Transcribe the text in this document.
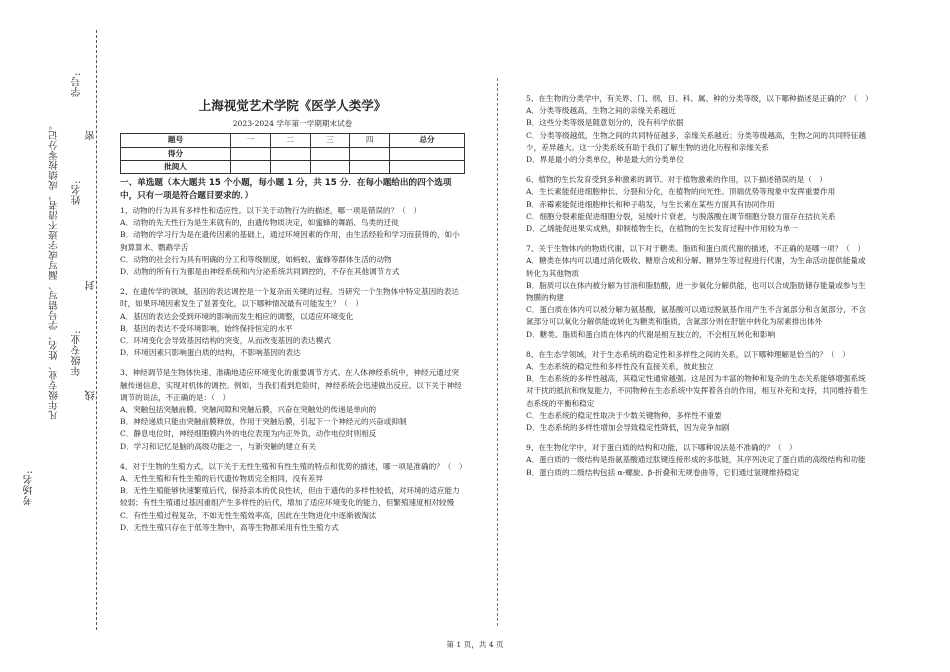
学号:
姓名:
凡年级专业、姓名、学号错写、漏写或字迹不清者，成绩按零分记。 年级专业:
考场名:
密
封
线
上海视觉艺术学院《医学人类学》
2023-2024 学年第一学期期末试卷
题号	一	二	三	四	总分
得分					
批阅人					
一、单选题（本大题共 15 个小题，每小题 1 分，共 15 分．在每小题给出的四个选项中，只有一项是符合题目要求的．）

1、动物的行为具有多样性和适应性。以下关于动物行为的描述，哪一项是错误的？（　）

A．动物的先天性行为是生来就有的，由遗传物质决定，如蜜蜂的舞蹈、鸟类的迁徙

B．动物的学习行为是在遗传因素的基础上，通过环境因素的作用，由生活经验和学习而获得的，如小狗算算术、鹦鹉学舌

C．动物的社会行为具有明确的分工和等级制度，如蚂蚁、蜜蜂等群体生活的动物

D．动物的所有行为都是由神经系统和内分泌系统共同调控的，不存在其他调节方式

2、在遗传学的领域，基因的表达调控是一个复杂而关键的过程。当研究一个生物体中特定基因的表达时，如果环境因素发生了显著变化，以下哪种情况最有可能发生？（　）

A．基因的表达会受到环境的影响而发生相应的调整，以适应环境变化

B．基因的表达不受环境影响，始终保持恒定的水平

C．环境变化会导致基因结构的突变，从而改变基因的表达模式

D．环境因素只影响蛋白质的结构，不影响基因的表达

3、神经调节是生物体快速、准确地适应环境变化的重要调节方式。在人体神经系统中，神经元通过突触传递信息，实现对机体的调控。例如，当我们看到危险时，神经系统会迅速做出反应。以下关于神经调节的说法，不正确的是：（　）

A．突触包括突触前膜、突触间隙和突触后膜，兴奋在突触处的传递是单向的

B．神经递质只能由突触前膜释放，作用于突触后膜，引起下一个神经元的兴奋或抑制

C．静息电位时，神经细胞膜内外的电位表现为内正外负，动作电位时则相反

D．学习和记忆是脑的高级功能之一，与新突触的建立有关

4、对于生物的生殖方式，以下关于无性生殖和有性生殖的特点和优势的描述，哪一项是准确的？（　）

A．无性生殖和有性生殖的后代遗传物质完全相同，没有差异

B．无性生殖能够快速繁殖后代，保持亲本的优良性状，但由于遗传的多样性较低，对环境的适应能力较弱；有性生殖通过基因重组产生多样性的后代，增加了适应环境变化的能力，但繁殖速度相对较慢

C．有性生殖过程复杂，不如无性生殖效率高，因此在生物进化中逐渐被淘汰

D．无性生殖只存在于低等生物中，高等生物都采用有性生殖方式

5、在生物的分类学中，有关界、门、纲、目、科、属、种的分类等级，以下哪种描述是正确的？（　）

A．分类等级越高，生物之间的亲缘关系越近

B．这些分类等级是随意划分的，没有科学依据

C．分类等级越低，生物之间的共同特征越多，亲缘关系越近；分类等级越高，生物之间的共同特征越少，差异越大。这一分类系统有助于我们了解生物的进化历程和亲缘关系

D．界是最小的分类单位，种是最大的分类单位

6、植物的生长发育受到多种激素的调节。对于植物激素的作用，以下描述错误的是（　）

A．生长素能促进细胞伸长、分裂和分化，在植物的向光性、顶端优势等现象中发挥重要作用

B．赤霉素能促进细胞伸长和种子萌发，与生长素在某些方面具有协同作用

C．细胞分裂素能促进细胞分裂，延缓叶片衰老，与脱落酸在调节细胞分裂方面存在拮抗关系

D．乙烯能促进果实成熟，抑制植物生长，在植物的生长发育过程中作用较为单一

7、关于生物体内的物质代谢，以下对于糖类、脂质和蛋白质代谢的描述，不正确的是哪一项？（　）

A．糖类在体内可以通过消化吸收、糖原合成和分解、糖异生等过程进行代谢，为生命活动提供能量或转化为其他物质

B．脂质可以在体内被分解为甘油和脂肪酸，进一步氧化分解供能，也可以合成脂肪储存能量或参与生物膜的构建

C．蛋白质在体内可以被分解为氨基酸，氨基酸可以通过脱氨基作用产生不含氮部分和含氮部分，不含氮部分可以氧化分解供能或转化为糖类和脂质，含氮部分则在肝脏中转化为尿素排出体外

D．糖类、脂质和蛋白质在体内的代谢是相互独立的，不会相互转化和影响

8、在生态学领域，对于生态系统的稳定性和多样性之间的关系，以下哪种理解是恰当的？（　）

A．生态系统的稳定性和多样性没有直接关系，彼此独立

B．生态系统的多样性越高，其稳定性通常越强。这是因为丰富的物种和复杂的生态关系能够增强系统对干扰的抵抗和恢复能力，不同物种在生态系统中发挥着各自的作用，相互补充和支持，共同维持着生态系统的平衡和稳定

C．生态系统的稳定性取决于少数关键物种，多样性不重要

D．生态系统的多样性增加会导致稳定性降低，因为竞争加剧

9、在生物化学中，对于蛋白质的结构和功能，以下哪种说法是不准确的？（　）

A．蛋白质的一级结构是指氨基酸通过肽键连接形成的多肽链，其序列决定了蛋白质的高级结构和功能

B．蛋白质的二级结构包括 α-螺旋、β-折叠和无规卷曲等，它们通过氢键维持稳定

第 1 页，共 4 页
